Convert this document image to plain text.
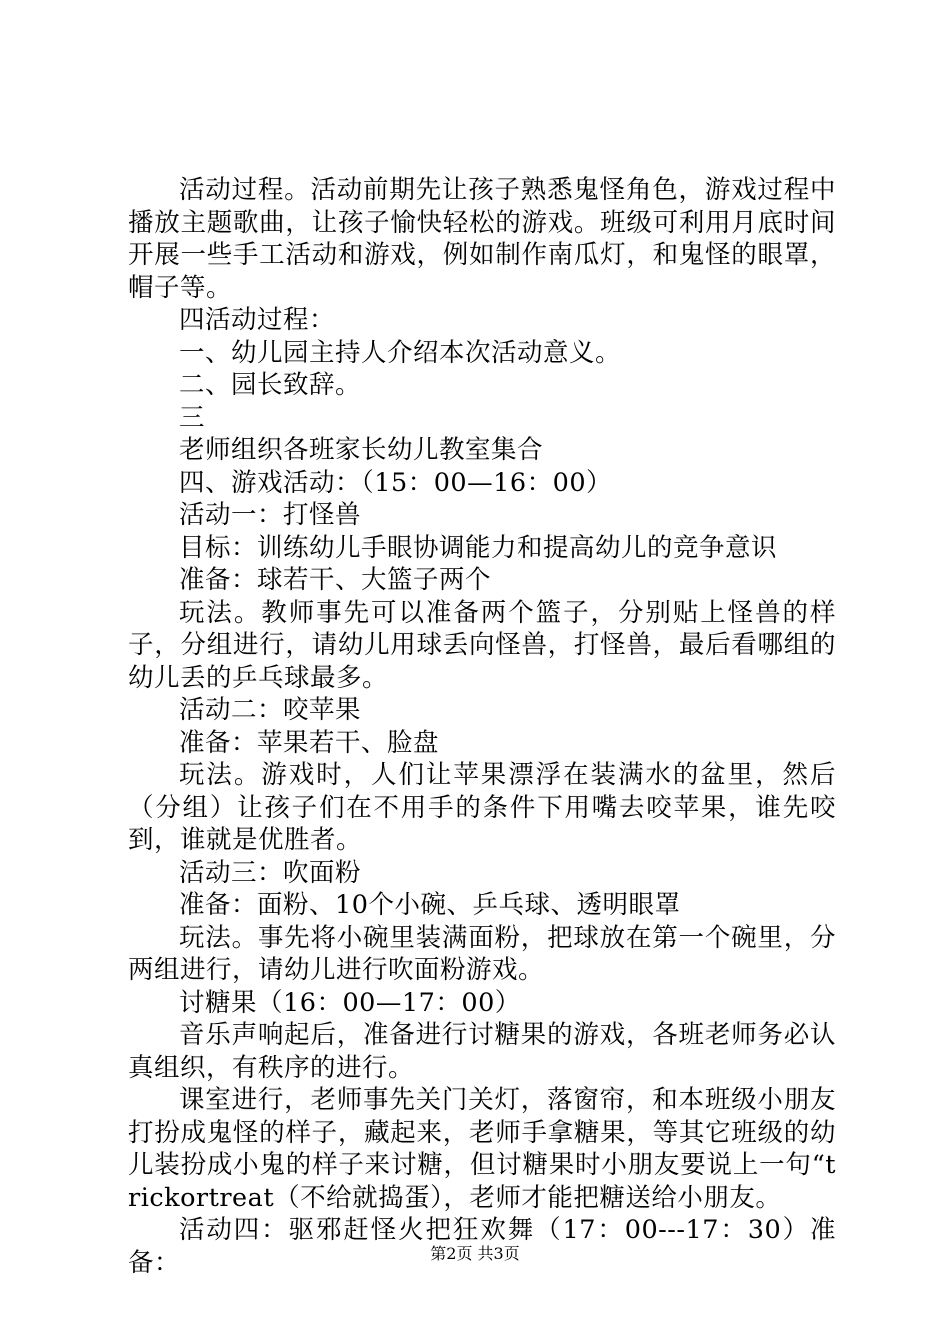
活动过程。活动前期先让孩子熟悉鬼怪角色，游戏过程中播放主题歌曲，让孩子愉快轻松的游戏。班级可利用月底时间开展一些手工活动和游戏，例如制作南瓜灯，和鬼怪的眼罩，帽子等。

四活动过程：

一、幼儿园主持人介绍本次活动意义。

二、园长致辞。

三

老师组织各班家长幼儿教室集合

四、游戏活动：（15：00—16：00）

活动一：打怪兽

目标：训练幼儿手眼协调能力和提高幼儿的竞争意识

准备：球若干、大篮子两个

玩法。教师事先可以准备两个篮子，分别贴上怪兽的样子，分组进行，请幼儿用球丢向怪兽，打怪兽，最后看哪组的幼儿丢的乒乓球最多。

活动二：咬苹果

准备：苹果若干、脸盘

玩法。游戏时，人们让苹果漂浮在装满水的盆里，然后（分组）让孩子们在不用手的条件下用嘴去咬苹果，谁先咬到，谁就是优胜者。

活动三：吹面粉

准备：面粉、10个小碗、乒乓球、透明眼罩

玩法。事先将小碗里装满面粉，把球放在第一个碗里，分两组进行，请幼儿进行吹面粉游戏。

讨糖果（16：00—17：00）

音乐声响起后，准备进行讨糖果的游戏，各班老师务必认真组织，有秩序的进行。

课室进行，老师事先关门关灯，落窗帘，和本班级小朋友打扮成鬼怪的样子，藏起来，老师手拿糖果，等其它班级的幼儿装扮成小鬼的样子来讨糖，但讨糖果时小朋友要说上一句“trickortreat（不给就捣蛋），老师才能把糖送给小朋友。

活动四：驱邪赶怪火把狂欢舞（17：00---17：30）准备：	第2页 共3页
